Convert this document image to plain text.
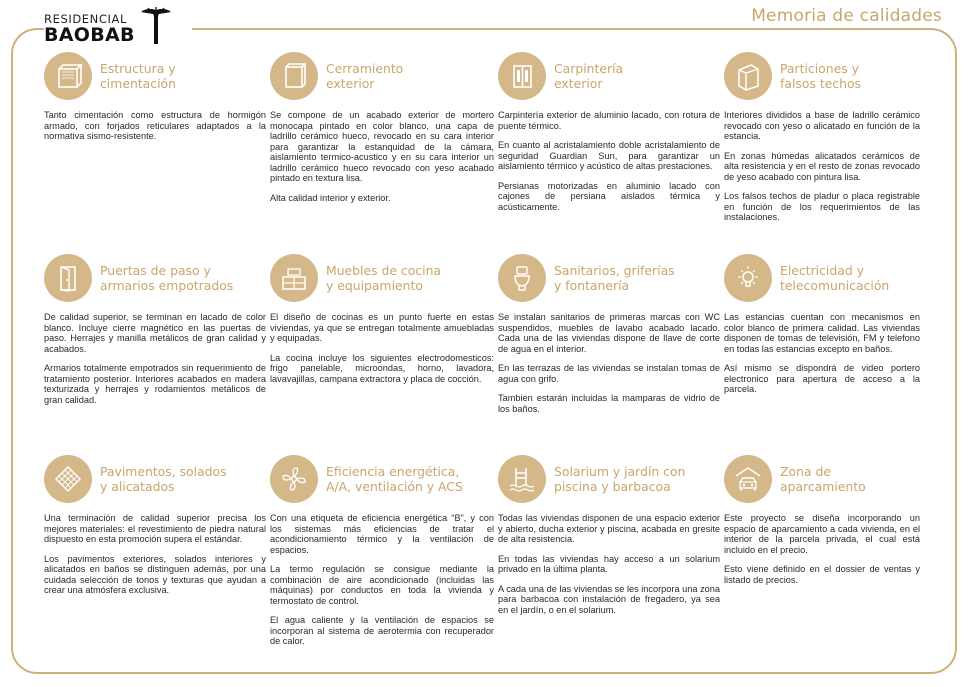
RESIDENCIAL
BAOBAB
Memoria de calidades
Estructura y
cimentación

Tanto cimentación como estructura de hormigón armado, con forjados reticulares adaptados a la normativa sismo-resistente.

Cerramiento
exterior

Se compone de un acabado exterior de mortero monocapa pintado en color blanco, una capa de ladrillo cerámico hueco, revocado en su cara interior para garantizar la estanquidad de la cámara, aislamiento termico-acustico y en su cara interior un ladrillo cerámico hueco revocado con yeso acabado pintado en textura lisa.

Alta calidad interior y exterior.

Carpintería
exterior

Carpintería exterior de aluminio lacado, con rotura de puente térmico.

En cuanto al acristalamiento doble acristalamiento de seguridad Guardian Sun, para garantizar un aislamiento térmico y acústico de altas prestaciones.

Persianas motorizadas en aluminio lacado con cajones de persiana aislados térmica y acústicamente.

Particiones y
falsos techos

Interiores divididos a base de ladrillo cerámico revocado con yeso o alicatado en función de la estancia.

En zonas húmedas alicatados cerámicos de alta resistencia y en el resto de zonas revocado de yeso acabado con pintura lisa.

Los falsos techos de pladur o placa registrable en función de los requerimientos de las instalaciones.

Puertas de paso y
armarios empotrados

De calidad superior, se terminan en lacado de color blanco. Incluye cierre magnético en las puertas de paso. Herrajes y manilla metálicos de gran calidad y acabados.

Armarios totalmente empotrados sin requerimiento de tratamiento posterior. Interiores acabados en madera texturizada y herrajes y rodamientos metálicos de gran calidad.

Muebles de cocina
y equipamiento

El diseño de cocinas es un punto fuerte en estas viviendas, ya que se entregan totalmente amuebladas y equipadas.

La cocina incluye los siguientes electrodomesticos: frigo panelable, microondas, horno, lavadora, lavavajillas, campana extractora y placa de cocción.

Sanitarios, griferías
y fontanería

Se instalan sanitarios de primeras marcas con WC suspendidos, muebles de lavabo acabado lacado. Cada una de las viviendas dispone de llave de corte de agua en el interior.

En las terrazas de las viviendas se instalan tomas de agua con grifo.

Tambien estarán incluidas la mamparas de vidrio de los baños.

Electricidad y
telecomunicación

Las estancias cuentan con mecanismos en color blanco de primera calidad. Las viviendas disponen de tomas de televisión, FM y telefono en todas las estancias excepto en baños.

Así mismo se dispondrá de video portero electronico para apertura de acceso a la parcela.

Pavimentos, solados
y alicatados

Una terminación de calidad superior precisa los mejores materiales: el revestimiento de piedra natural dispuesto en esta promoción supera el estándar.

Los pavimentos exteriores, solados interiores y alicatados en baños se distinguen además, por una cuidada selección de tonos y texturas que ayudan a crear una atmósfera exclusiva.

Eficiencia energética,
A/A, ventilación y ACS

Con una etiqueta de eficiencia energética “B”, y con los sistemas más eficiencias de tratar el acondicionamiento térmico y la ventilación de espacios.

La termo regulación se consigue mediante la combinación de aire acondicionado (incluidas las máquinas) por conductos en toda la vivienda y termostato de control.

El agua caliente y la ventilación de espacios se incorporan al sistema de aerotermia con recuperador de calor.

Solarium y jardín con
piscina y barbacoa

Todas las viviendas disponen de una espacio exterior y abierto, ducha exterior y piscina, acabada en gresite de alta resistencia.

En todas las viviendas hay acceso a un solarium privado en la última planta.

A cada una de las viviendas se les incorpora una zona para barbacoa con instalación de fregadero, ya sea en el jardín, o en el solarium.

Zona de
aparcamiento

Este proyecto se diseña incorporando un espacio de aparcamiento a cada vivienda, en el interior de la parcela privada, el cual está incluido en el precio.

Esto viene definido en el dossier de ventas y listado de precios.
